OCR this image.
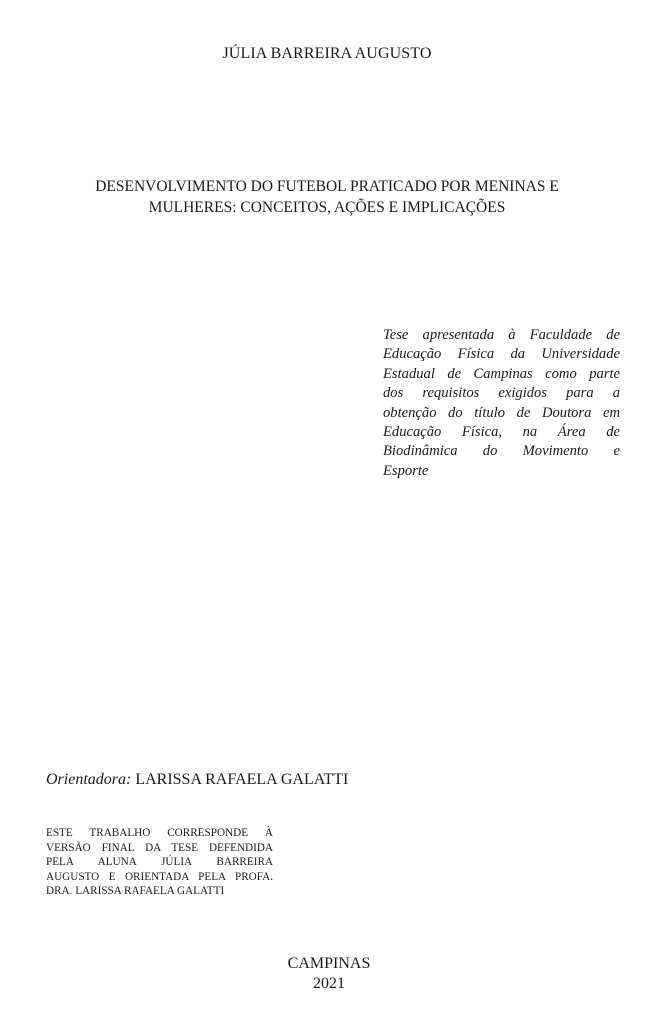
JÚLIA BARREIRA AUGUSTO
DESENVOLVIMENTO DO FUTEBOL PRATICADO POR MENINAS E
MULHERES: CONCEITOS, AÇÕES E IMPLICAÇÕES
Tese apresentada à Faculdade de
Educação Física da Universidade
Estadual de Campinas como parte
dos requisitos exigidos para a
obtenção do título de Doutora em
Educação Física, na Área de
Biodinâmica do Movimento e
Esporte
Orientadora: LARISSA RAFAELA GALATTI
ESTE TRABALHO CORRESPONDE À
VERSÃO FINAL DA TESE DEFENDIDA
PELA ALUNA JÚLIA BARREIRA
AUGUSTO E ORIENTADA PELA PROFA.
DRA. LARISSA RAFAELA GALATTI
CAMPINAS
2021
